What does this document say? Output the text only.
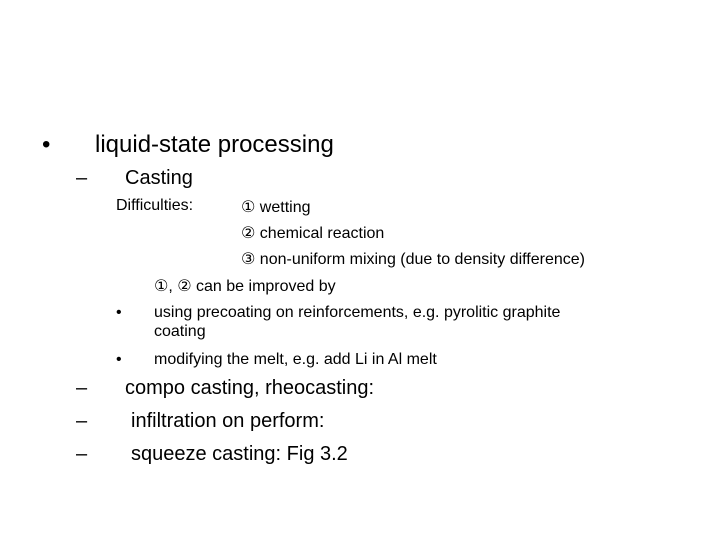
• liquid-state processing
– Casting
Difficulties:	① wetting
② chemical reaction
③ non-uniform mixing (due to density difference)
①, ② can be improved by
• using precoating on reinforcements, e.g. pyrolitic graphite
coating
• modifying the melt, e.g. add Li in Al melt
– compo casting, rheocasting:
– infiltration on perform:
– squeeze casting: Fig 3.2
